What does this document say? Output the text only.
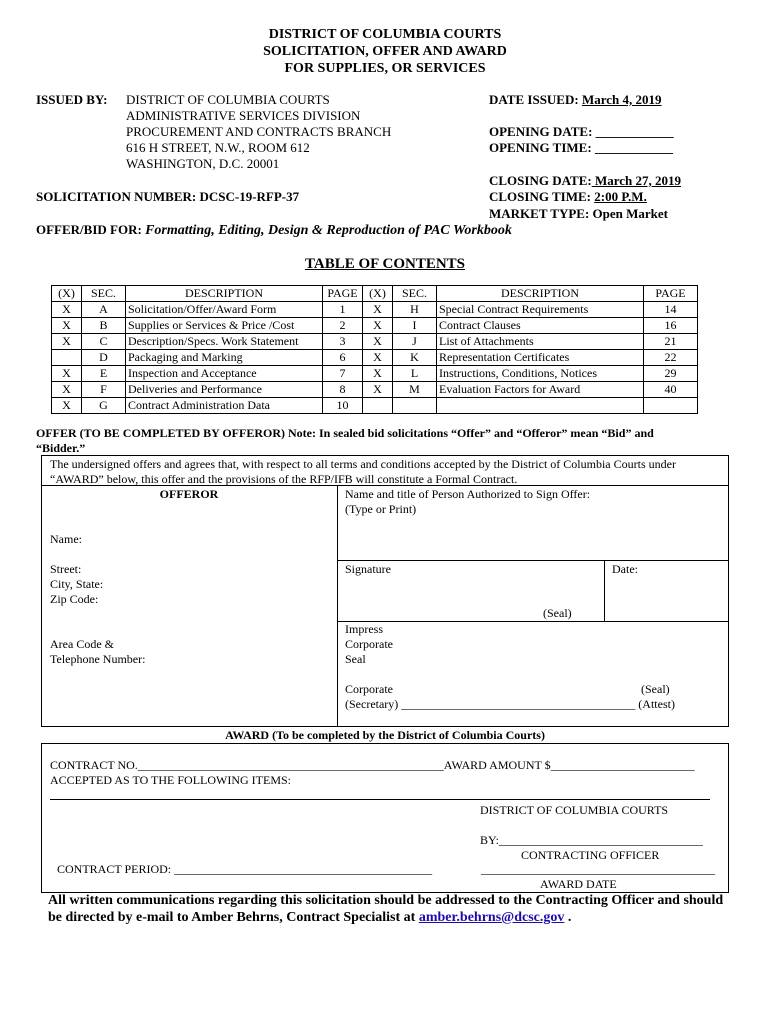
DISTRICT OF COLUMBIA COURTS
SOLICITATION, OFFER AND AWARD
FOR SUPPLIES, OR SERVICES
ISSUED BY: DISTRICT OF COLUMBIA COURTS
ADMINISTRATIVE SERVICES DIVISION
PROCUREMENT AND CONTRACTS BRANCH
616 H STREET, N.W., ROOM 612
WASHINGTON, D.C. 20001
DATE ISSUED: March 4, 2019
OPENING DATE: ____________
OPENING TIME: ____________
CLOSING DATE: March 27, 2019
CLOSING TIME: 2:00 P.M.
MARKET TYPE: Open Market
SOLICITATION NUMBER: DCSC-19-RFP-37
OFFER/BID FOR: Formatting, Editing, Design & Reproduction of PAC Workbook
TABLE OF CONTENTS
(X)	SEC.	DESCRIPTION	PAGE	(X)	SEC.	DESCRIPTION	PAGE
X	A	Solicitation/Offer/Award Form	1	X	H	Special Contract Requirements	14
X	B	Supplies or Services & Price /Cost	2	X	I	Contract Clauses	16
X	C	Description/Specs. Work Statement	3	X	J	List of Attachments	21
	D	Packaging and Marking	6	X	K	Representation Certificates	22
X	E	Inspection and Acceptance	7	X	L	Instructions, Conditions, Notices	29
X	F	Deliveries and Performance	8	X	M	Evaluation Factors for Award	40
X	G	Contract Administration Data	10				
OFFER (TO BE COMPLETED BY OFFEROR) Note: In sealed bid solicitations “Offer” and “Offeror” mean “Bid” and
“Bidder.”
The undersigned offers and agrees that, with respect to all terms and conditions accepted by the District of Columbia Courts under
“AWARD” below, this offer and the provisions of the RFP/IFB will constitute a Formal Contract.
OFFEROR	Name and title of Person Authorized to Sign Offer:
(Type or Print)
Name:
Street:
City, State:
Zip Code:
Signature	Date:
(Seal)
Impress
Corporate
Seal
Area Code &
Telephone Number:
Corporate	(Seal)
(Secretary) _______________________________________ (Attest)
AWARD (To be completed by the District of Columbia Courts)
CONTRACT NO.___________________________________________________AWARD AMOUNT $________________________
ACCEPTED AS TO THE FOLLOWING ITEMS:
DISTRICT OF COLUMBIA COURTS
BY:__________________________________
CONTRACTING OFFICER
CONTRACT PERIOD: ___________________________________________	_______________________________________
AWARD DATE
All written communications regarding this solicitation should be addressed to the Contracting Officer and should
be directed by e-mail to Amber Behrns, Contract Specialist at amber.behrns@dcsc.gov .
